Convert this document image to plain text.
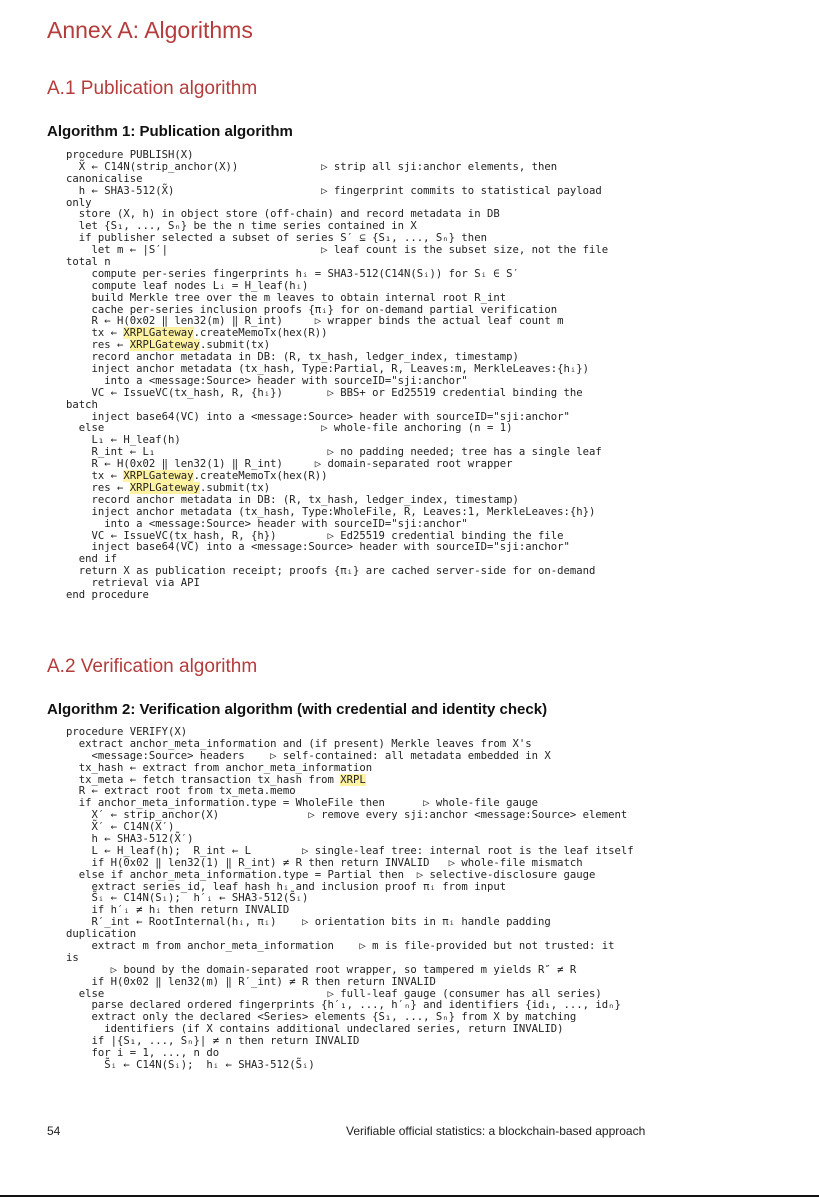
Annex A: Algorithms
A.1 Publication algorithm
Algorithm 1: Publication algorithm
procedure PUBLISH(X)
X̃ ← C14N(strip_anchor(X))             ▷ strip all sji:anchor elements, then
canonicalise
h ← SHA3-512(X̃)                       ▷ fingerprint commits to statistical payload
only
store (X, h) in object store (off-chain) and record metadata in DB
let {S₁, ..., Sₙ} be the n time series contained in X
if publisher selected a subset of series S′ ⊆ {S₁, ..., Sₙ} then
let m ← |S′|                        ▷ leaf count is the subset size, not the file
total n
compute per-series fingerprints hᵢ = SHA3-512(C14N(Sᵢ)) for Sᵢ ∈ S′
compute leaf nodes Lᵢ = H_leaf(hᵢ)
build Merkle tree over the m leaves to obtain internal root R_int
cache per-series inclusion proofs {πᵢ} for on-demand partial verification
R ← H(0x02 ‖ len32(m) ‖ R_int)     ▷ wrapper binds the actual leaf count m
tx ← XRPLGateway.createMemoTx(hex(R))
res ← XRPLGateway.submit(tx)
record anchor metadata in DB: (R, tx_hash, ledger_index, timestamp)
inject anchor metadata (tx_hash, Type:Partial, R, Leaves:m, MerkleLeaves:{hᵢ})
into a <message:Source> header with sourceID="sji:anchor"
VC ← IssueVC(tx_hash, R, {hᵢ})       ▷ BBS+ or Ed25519 credential binding the
batch
inject base64(VC) into a <message:Source> header with sourceID="sji:anchor"
else                                  ▷ whole-file anchoring (n = 1)
L₁ ← H_leaf(h)
R_int ← L₁                           ▷ no padding needed; tree has a single leaf
R ← H(0x02 ‖ len32(1) ‖ R_int)     ▷ domain-separated root wrapper
tx ← XRPLGateway.createMemoTx(hex(R))
res ← XRPLGateway.submit(tx)
record anchor metadata in DB: (R, tx_hash, ledger_index, timestamp)
inject anchor metadata (tx_hash, Type:WholeFile, R, Leaves:1, MerkleLeaves:{h})
into a <message:Source> header with sourceID="sji:anchor"
VC ← IssueVC(tx_hash, R, {h})        ▷ Ed25519 credential binding the file
inject base64(VC) into a <message:Source> header with sourceID="sji:anchor"
end if
return X as publication receipt; proofs {πᵢ} are cached server-side for on-demand
retrieval via API
end procedure
A.2 Verification algorithm
Algorithm 2: Verification algorithm (with credential and identity check)
procedure VERIFY(X)
extract anchor_meta_information and (if present) Merkle leaves from X's
<message:Source> headers    ▷ self-contained: all metadata embedded in X
tx_hash ← extract from anchor_meta_information
tx_meta ← fetch transaction tx_hash from XRPL
R ← extract root from tx_meta.memo
if anchor_meta_information.type = WholeFile then      ▷ whole-file gauge
X′ ← strip_anchor(X)              ▷ remove every sji:anchor <message:Source> element
X̃′ ← C14N(X′)
h ← SHA3-512(X̃′)
L ← H_leaf(h);  R_int ← L        ▷ single-leaf tree: internal root is the leaf itself
if H(0x02 ‖ len32(1) ‖ R_int) ≠ R then return INVALID   ▷ whole-file mismatch
else if anchor_meta_information.type = Partial then  ▷ selective-disclosure gauge
extract series_id, leaf hash hᵢ and inclusion proof πᵢ from input
S̃ᵢ ← C14N(Sᵢ);  h′ᵢ ← SHA3-512(S̃ᵢ)
if h′ᵢ ≠ hᵢ then return INVALID
R′_int ← RootInternal(hᵢ, πᵢ)    ▷ orientation bits in πᵢ handle padding
duplication
extract m from anchor_meta_information    ▷ m is file-provided but not trusted: it
is
▷ bound by the domain-separated root wrapper, so tampered m yields R″ ≠ R
if H(0x02 ‖ len32(m) ‖ R′_int) ≠ R then return INVALID
else                                   ▷ full-leaf gauge (consumer has all series)
parse declared ordered fingerprints {h′₁, ..., h′ₙ} and identifiers {id₁, ..., idₙ}
extract only the declared <Series> elements {S₁, ..., Sₙ} from X by matching
identifiers (if X contains additional undeclared series, return INVALID)
if |{S₁, ..., Sₙ}| ≠ n then return INVALID
for i = 1, ..., n do
S̃ᵢ ← C14N(Sᵢ);  hᵢ ← SHA3-512(S̃ᵢ)
54	Verifiable official statistics: a blockchain-based approach
